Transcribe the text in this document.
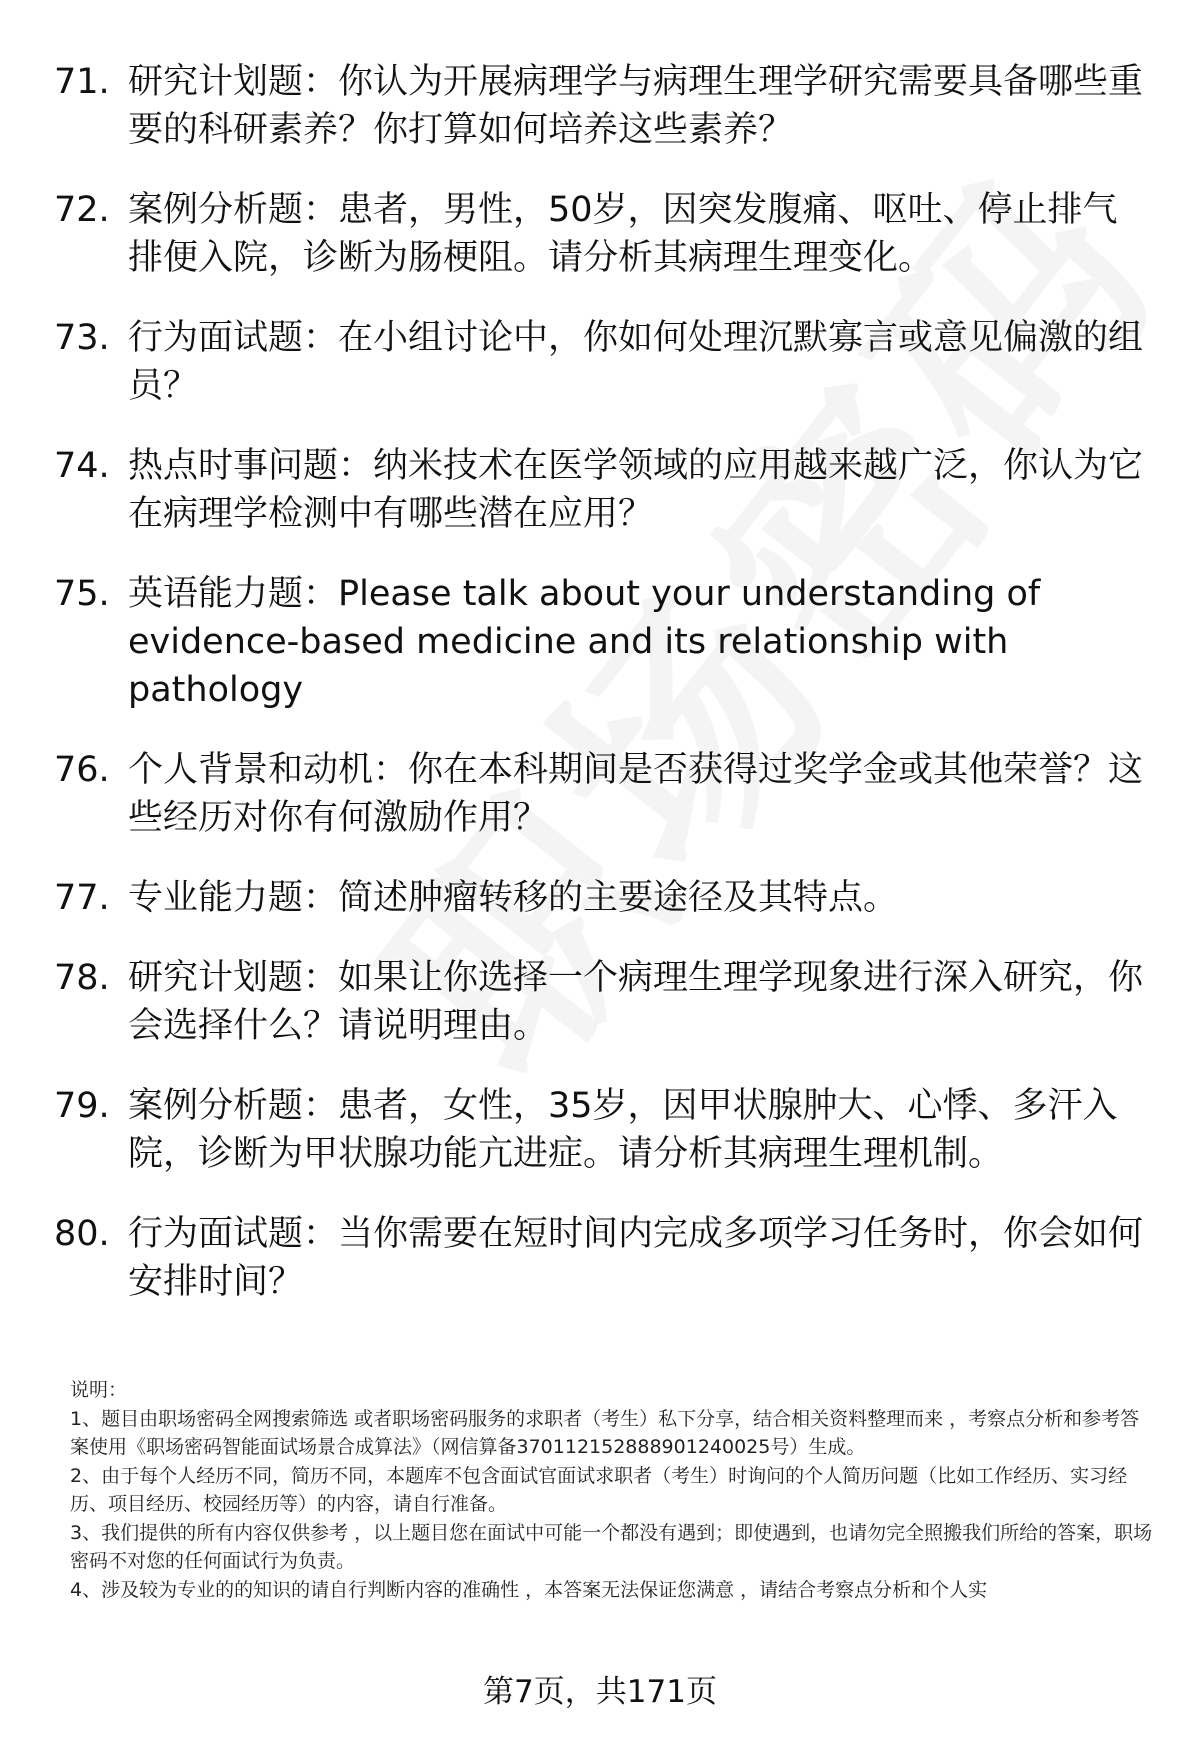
71. 研究计划题：你认为开展病理学与病理生理学研究需要具备哪些重要的科研素养？你打算如何培养这些素养？
72. 案例分析题：患者，男性，50岁，因突发腹痛、呕吐、停止排气排便入院，诊断为肠梗阻。请分析其病理生理变化。
73. 行为面试题：在小组讨论中，你如何处理沉默寡言或意见偏激的组员？
74. 热点时事问题：纳米技术在医学领域的应用越来越广泛，你认为它在病理学检测中有哪些潜在应用？
75. 英语能力题：Please talk about your understanding of evidence-based medicine and its relationship with pathology
76. 个人背景和动机：你在本科期间是否获得过奖学金或其他荣誉？这些经历对你有何激励作用？
77. 专业能力题：简述肿瘤转移的主要途径及其特点。
78. 研究计划题：如果让你选择一个病理生理学现象进行深入研究，你会选择什么？请说明理由。
79. 案例分析题：患者，女性，35岁，因甲状腺肿大、心悸、多汗入院，诊断为甲状腺功能亢进症。请分析其病理生理机制。
80. 行为面试题：当你需要在短时间内完成多项学习任务时，你会如何安排时间？

说明：

1、题目由职场密码全网搜索筛选 或者职场密码服务的求职者（考生）私下分享，结合相关资料整理而来 ，考察点分析和参考答案使用《职场密码智能面试场景合成算法》（网信算备370112152888901240025号）生成。

2、由于每个人经历不同，简历不同，本题库不包含面试官面试求职者（考生）时询问的个人简历问题（比如工作经历、实习经历、项目经历、校园经历等）的内容，请自行准备。

3、我们提供的所有内容仅供参考 ，以上题目您在面试中可能一个都没有遇到；即使遇到，也请勿完全照搬我们所给的答案，职场密码不对您的任何面试行为负责。

4、涉及较为专业的的知识的请自行判断内容的准确性 ，本答案无法保证您满意 ，请结合考察点分析和个人实

第7页，共171页
